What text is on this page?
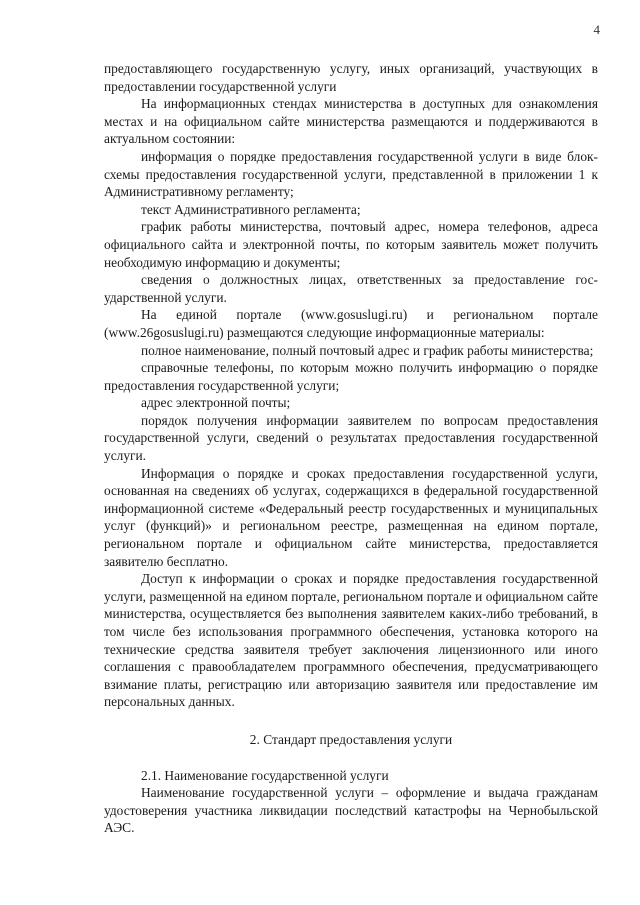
4

предоставляющего государственную услугу, иных организаций, участвующих в предоставлении государственной услуги

На информационных стендах министерства в доступных для ознакомления местах и на официальном сайте министерства размещаются и поддерживаются в актуальном состоянии:

информация о порядке предоставления государственной услуги в виде блок-схемы предоставления государственной услуги, представленной в приложении 1 к Административному регламенту;

текст Административного регламента;

график работы министерства, почтовый адрес, номера телефонов, адреса официального сайта и электронной почты, по которым заявитель может получить необходимую информацию и документы;

сведения о должностных лицах, ответственных за предоставление государственной услуги.

На единой портале (www.gosuslugi.ru) и региональном портале (www.26gosuslugi.ru) размещаются следующие информационные материалы:

полное наименование, полный почтовый адрес и график работы министерства;

справочные телефоны, по которым можно получить информацию о порядке предоставления государственной услуги;

адрес электронной почты;

порядок получения информации заявителем по вопросам предоставления государственной услуги, сведений о результатах предоставления государственной услуги.

Информация о порядке и сроках предоставления государственной услуги, основанная на сведениях об услугах, содержащихся в федеральной государственной информационной системе «Федеральный реестр государственных и муниципальных услуг (функций)» и региональном реестре, размещенная на едином портале, региональном портале и официальном сайте министерства, предоставляется заявителю бесплатно.

Доступ к информации о сроках и порядке предоставления государственной услуги, размещенной на едином портале, региональном портале и официальном сайте министерства, осуществляется без выполнения заявителем каких-либо требований, в том числе без использования программного обеспечения, установка которого на технические средства заявителя требует заключения лицензионного или иного соглашения с правообладателем программного обеспечения, предусматривающего взимание платы, регистрацию или авторизацию заявителя или предоставление им персональных данных.

2. Стандарт предоставления услуги

2.1. Наименование государственной услуги

Наименование государственной услуги – оформление и выдача гражданам удостоверения участника ликвидации последствий катастрофы на Чернобыльской АЭС.
